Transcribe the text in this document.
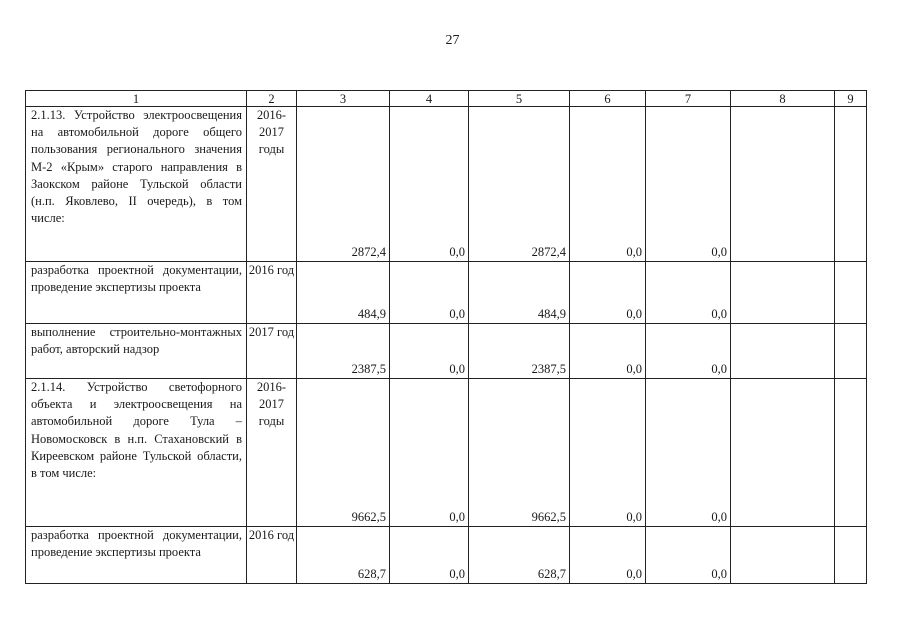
27
1	2	3	4	5	6	7	8	9
2.1.13. Устройство электроосвещения на автомобильной дороге общего пользования регионального значения М-2 «Крым» старого направления в Заокском районе Тульской области (н.п. Яковлево, II очередь), в том числе:	2016-2017 годы	2872,4	0,0	2872,4	0,0	0,0		
разработка проектной документации, проведение экспертизы проекта	2016 год	484,9	0,0	484,9	0,0	0,0		
выполнение строительно-монтажных работ, авторский надзор	2017 год	2387,5	0,0	2387,5	0,0	0,0		
2.1.14. Устройство светофорного объекта и электроосвещения на автомобильной дороге Тула – Новомосковск в н.п. Стахановский в Киреевском районе Тульской области, в том числе:	2016-2017 годы	9662,5	0,0	9662,5	0,0	0,0		
разработка проектной документации, проведение экспертизы проекта	2016 год	628,7	0,0	628,7	0,0	0,0		
